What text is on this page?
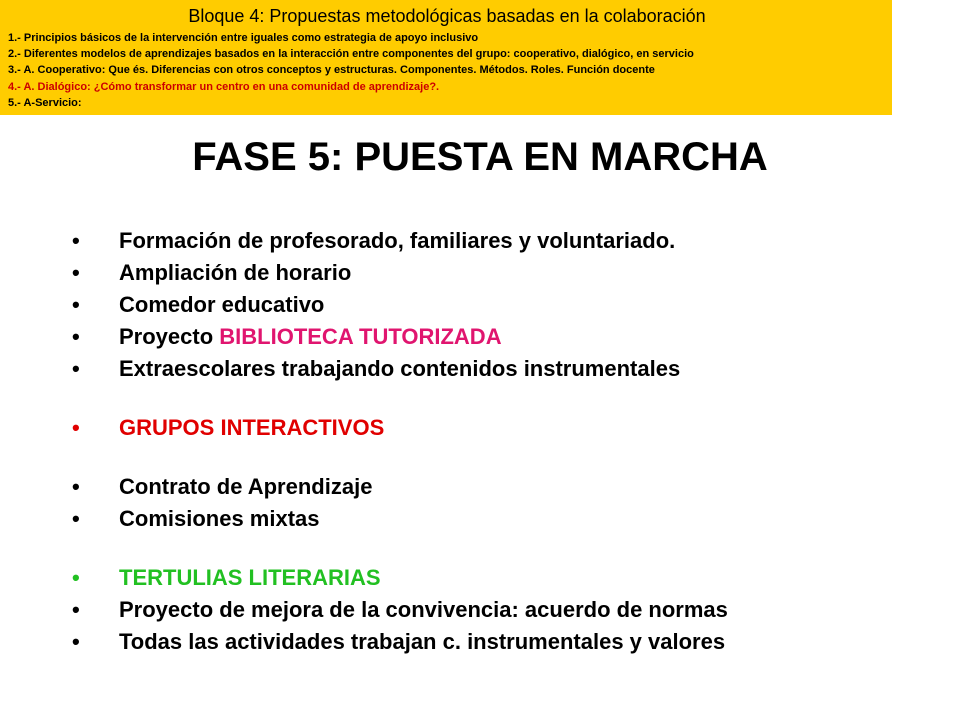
Bloque 4: Propuestas metodológicas basadas en la colaboración
1.- Principios básicos de la intervención entre iguales como estrategia de apoyo inclusivo
2.- Diferentes modelos de aprendizajes basados en la interacción entre componentes del grupo: cooperativo, dialógico, en servicio
3.- A. Cooperativo: Que és. Diferencias con otros conceptos y estructuras. Componentes. Métodos. Roles. Función docente
4.- A. Dialógico: ¿Cómo transformar un centro en una comunidad de aprendizaje?.
5.- A-Servicio:
FASE 5: PUESTA EN MARCHA
• Formación de profesorado, familiares y voluntariado.
• Ampliación de horario
• Comedor educativo
• Proyecto BIBLIOTECA TUTORIZADA
• Extraescolares trabajando contenidos instrumentales
• GRUPOS INTERACTIVOS
• Contrato de Aprendizaje
• Comisiones mixtas
• TERTULIAS LITERARIAS
• Proyecto de mejora de la convivencia: acuerdo de normas
• Todas las actividades trabajan c. instrumentales y valores
